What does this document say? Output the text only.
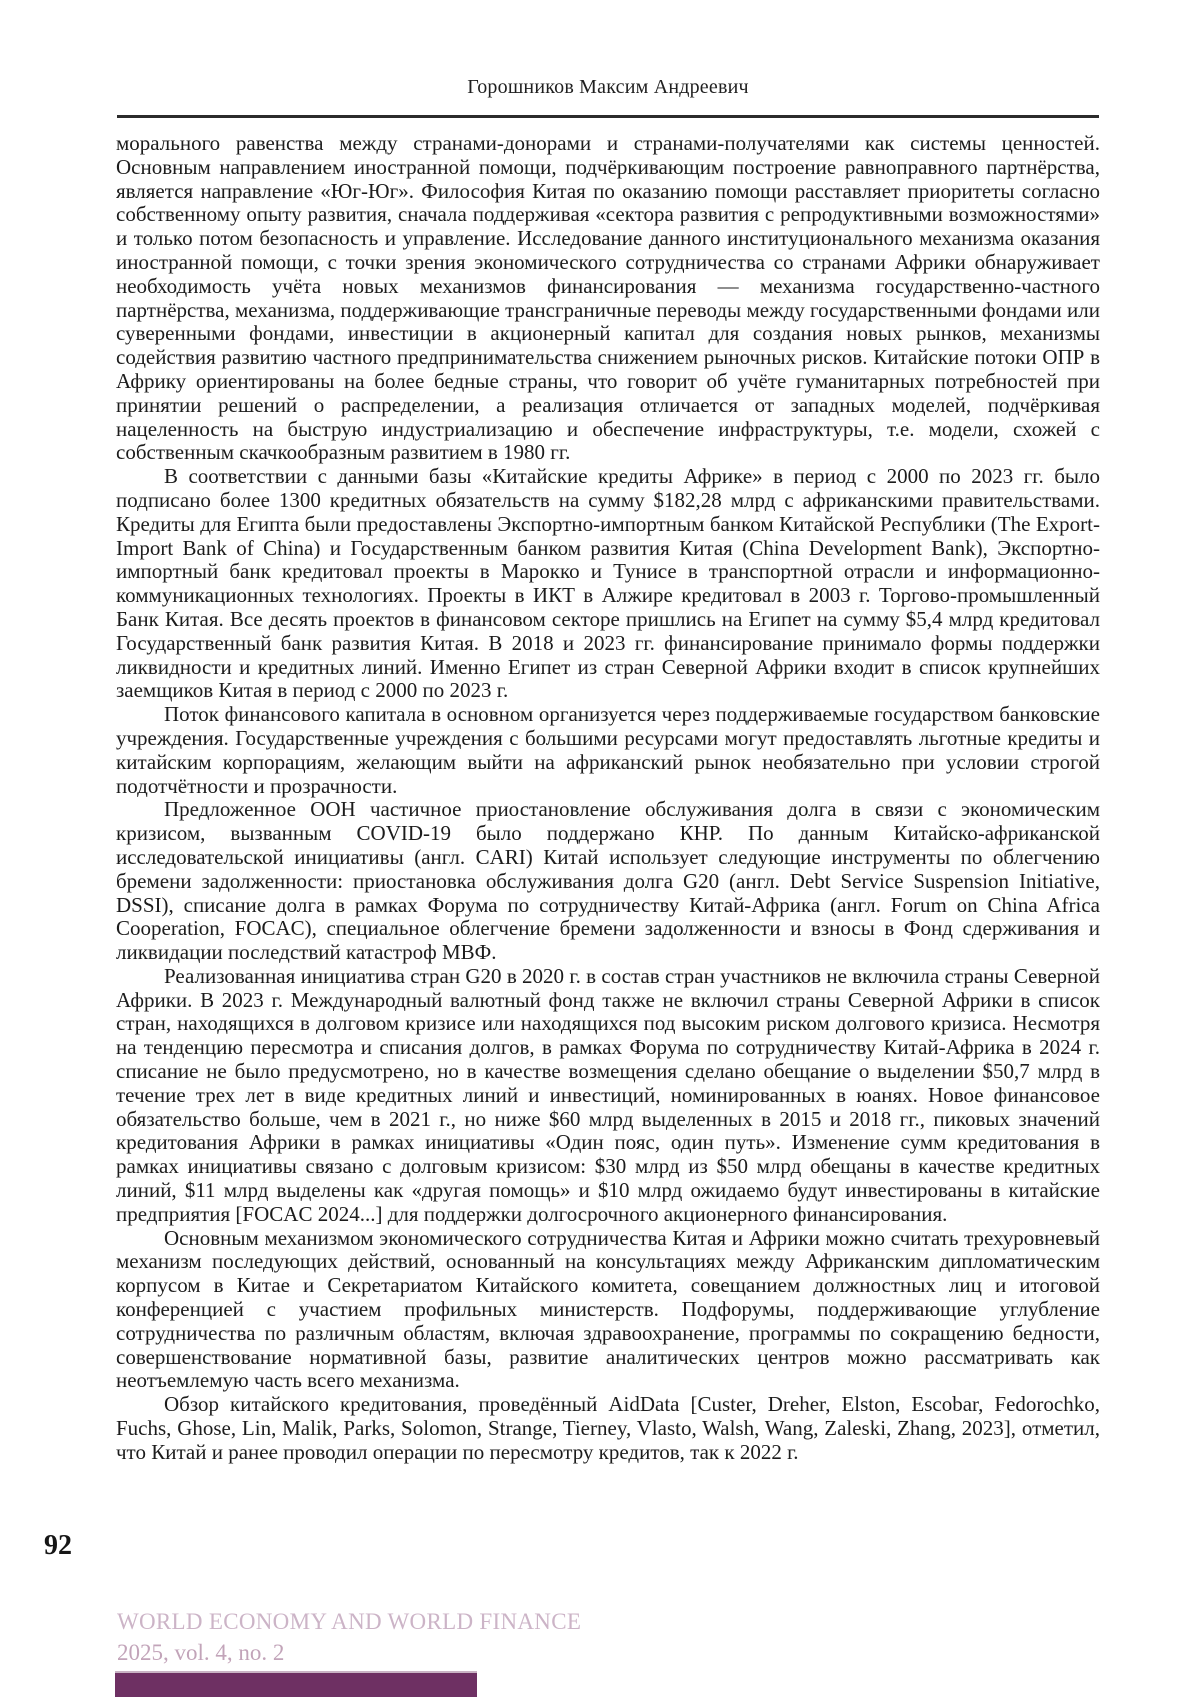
Горошников Максим Андреевич

морального равенства между странами-донорами и странами-получателями как системы ценностей. Основным направлением иностранной помощи, подчёркивающим построение равноправного партнёрства, является направление «Юг-Юг». Философия Китая по оказанию помощи расставляет приоритеты согласно собственному опыту развития, сначала поддерживая «сектора развития с репродуктивными возможностями» и только потом безопасность и управление. Исследование данного институционального механизма оказания иностранной помощи, с точки зрения экономического сотрудничества со странами Африки обнаруживает необходимость учёта новых механизмов финансирования — механизма государственно-частного партнёрства, механизма, поддерживающие трансграничные переводы между государственными фондами или суверенными фондами, инвестиции в акционерный капитал для создания новых рынков, механизмы содействия развитию частного предпринимательства снижением рыночных рисков. Китайские потоки ОПР в Африку ориентированы на более бедные страны, что говорит об учёте гуманитарных потребностей при принятии решений о распределении, а реализация отличается от западных моделей, подчёркивая нацеленность на быструю индустриализацию и обеспечение инфраструктуры, т.е. модели, схожей с собственным скачкообразным развитием в 1980 гг.

В соответствии с данными базы «Китайские кредиты Африке» в период с 2000 по 2023 гг. было подписано более 1300 кредитных обязательств на сумму $182,28 млрд с африканскими правительствами. Кредиты для Египта были предоставлены Экспортно-импортным банком Китайской Республики (The Export-Import Bank of China) и Государственным банком развития Китая (China Development Bank), Экспортно-импортный банк кредитовал проекты в Марокко и Тунисе в транспортной отрасли и информационно-коммуникационных технологиях. Проекты в ИКТ в Алжире кредитовал в 2003 г. Торгово-промышленный Банк Китая. Все десять проектов в финансовом секторе пришлись на Египет на сумму $5,4 млрд кредитовал Государственный банк развития Китая. В 2018 и 2023 гг. финансирование принимало формы поддержки ликвидности и кредитных линий. Именно Египет из стран Северной Африки входит в список крупнейших заемщиков Китая в период с 2000 по 2023 г.

Поток финансового капитала в основном организуется через поддерживаемые государством банковские учреждения. Государственные учреждения с большими ресурсами могут предоставлять льготные кредиты и китайским корпорациям, желающим выйти на африканский рынок необязательно при условии строгой подотчётности и прозрачности.

Предложенное ООН частичное приостановление обслуживания долга в связи с экономическим кризисом, вызванным COVID-19 было поддержано КНР. По данным Китайско-африканской исследовательской инициативы (англ. CARI) Китай использует следующие инструменты по облегчению бремени задолженности: приостановка обслуживания долга G20 (англ. Debt Service Suspension Initiative, DSSI), списание долга в рамках Форума по сотрудничеству Китай-Африка (англ. Forum on China Africa Cooperation, FOCAC), специальное облегчение бремени задолженности и взносы в Фонд сдерживания и ликвидации последствий катастроф МВФ.

Реализованная инициатива стран G20 в 2020 г. в состав стран участников не включила страны Северной Африки. В 2023 г. Международный валютный фонд также не включил страны Северной Африки в список стран, находящихся в долговом кризисе или находящихся под высоким риском долгового кризиса. Несмотря на тенденцию пересмотра и списания долгов, в рамках Форума по сотрудничеству Китай-Африка в 2024 г. списание не было предусмотрено, но в качестве возмещения сделано обещание о выделении $50,7 млрд в течение трех лет в виде кредитных линий и инвестиций, номинированных в юанях. Новое финансовое обязательство больше, чем в 2021 г., но ниже $60 млрд выделенных в 2015 и 2018 гг., пиковых значений кредитования Африки в рамках инициативы «Один пояс, один путь». Изменение сумм кредитования в рамках инициативы связано с долговым кризисом: $30 млрд из $50 млрд обещаны в качестве кредитных линий, $11 млрд выделены как «другая помощь» и $10 млрд ожидаемо будут инвестированы в китайские предприятия [FOCAC 2024...] для поддержки долгосрочного акционерного финансирования.

Основным механизмом экономического сотрудничества Китая и Африки можно считать трехуровневый механизм последующих действий, основанный на консультациях между Африканским дипломатическим корпусом в Китае и Секретариатом Китайского комитета, совещанием должностных лиц и итоговой конференцией с участием профильных министерств. Подфорумы, поддерживающие углубление сотрудничества по различным областям, включая здравоохранение, программы по сокращению бедности, совершенствование нормативной базы, развитие аналитических центров можно рассматривать как неотъемлемую часть всего механизма.

Обзор китайского кредитования, проведённый AidData [Custer, Dreher, Elston, Escobar, Fedorochko, Fuchs, Ghose, Lin, Malik, Parks, Solomon, Strange, Tierney, Vlasto, Walsh, Wang, Zaleski, Zhang, 2023], отметил, что Китай и ранее проводил операции по пересмотру кредитов, так к 2022 г.

92
WORLD ECONOMY AND WORLD FINANCE
2025, vol. 4, no. 2
